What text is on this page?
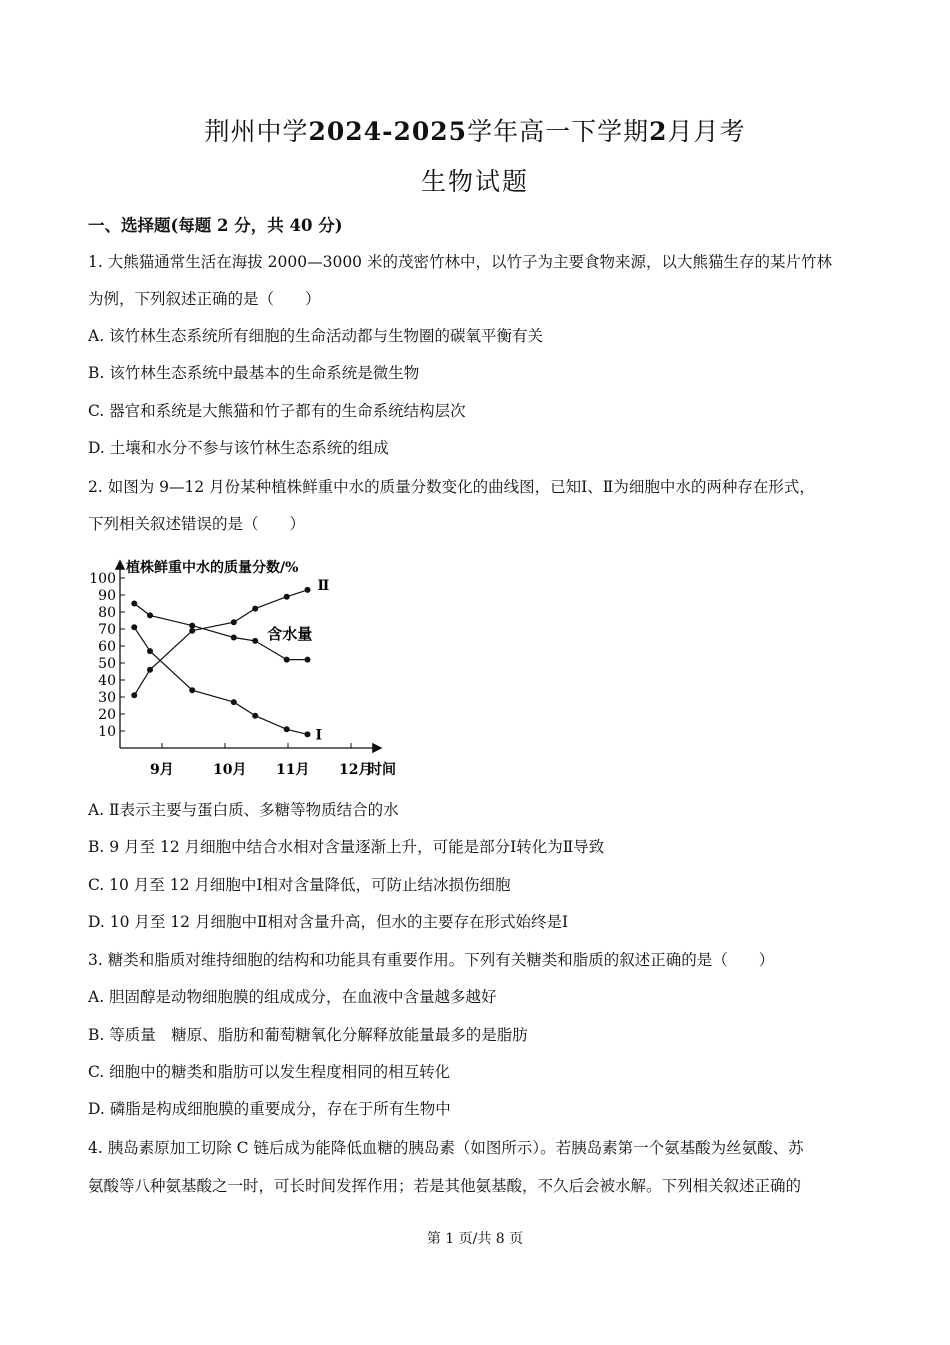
荆州中学2024-2025学年高一下学期2月月考
生物试题
一、选择题(每题 2 分，共 40 分)
1. 大熊猫通常生活在海拔 2000—3000 米的茂密竹林中，以竹子为主要食物来源，以大熊猫生存的某片竹林
为例，下列叙述正确的是（　　）
A. 该竹林生态系统所有细胞的生命活动都与生物圈的碳氧平衡有关
B. 该竹林生态系统中最基本的生命系统是微生物
C. 器官和系统是大熊猫和竹子都有的生命系统结构层次
D. 土壤和水分不参与该竹林生态系统的组成
2. 如图为 9—12 月份某种植株鲜重中水的质量分数变化的曲线图，已知Ⅰ、Ⅱ为细胞中水的两种存在形式，
下列相关叙述错误的是（　　）
植株鲜重中水的质量分数/%
时间
10
20
30
40
50
60
70
80
90
100
9月	10月 11月 12月
含水量
Ⅰ
Ⅱ
A. Ⅱ表示主要与蛋白质、多糖等物质结合的水
B. 9 月至 12 月细胞中结合水相对含量逐渐上升，可能是部分Ⅰ转化为Ⅱ导致
C. 10 月至 12 月细胞中Ⅰ相对含量降低，可防止结冰损伤细胞
D. 10 月至 12 月细胞中Ⅱ相对含量升高，但水的主要存在形式始终是Ⅰ
3. 糖类和脂质对维持细胞的结构和功能具有重要作用。下列有关糖类和脂质的叙述正确的是（　　）
A. 胆固醇是动物细胞膜的组成成分，在血液中含量越多越好
B. 等质量　糖原、脂肪和葡萄糖氧化分解释放能量最多的是脂肪
C. 细胞中的糖类和脂肪可以发生程度相同的相互转化
D. 磷脂是构成细胞膜的重要成分，存在于所有生物中
4. 胰岛素原加工切除 C 链后成为能降低血糖的胰岛素（如图所示）。若胰岛素第一个氨基酸为丝氨酸、苏
氨酸等八种氨基酸之一时，可长时间发挥作用；若是其他氨基酸，不久后会被水解。下列相关叙述正确的
第 1 页/共 8 页
